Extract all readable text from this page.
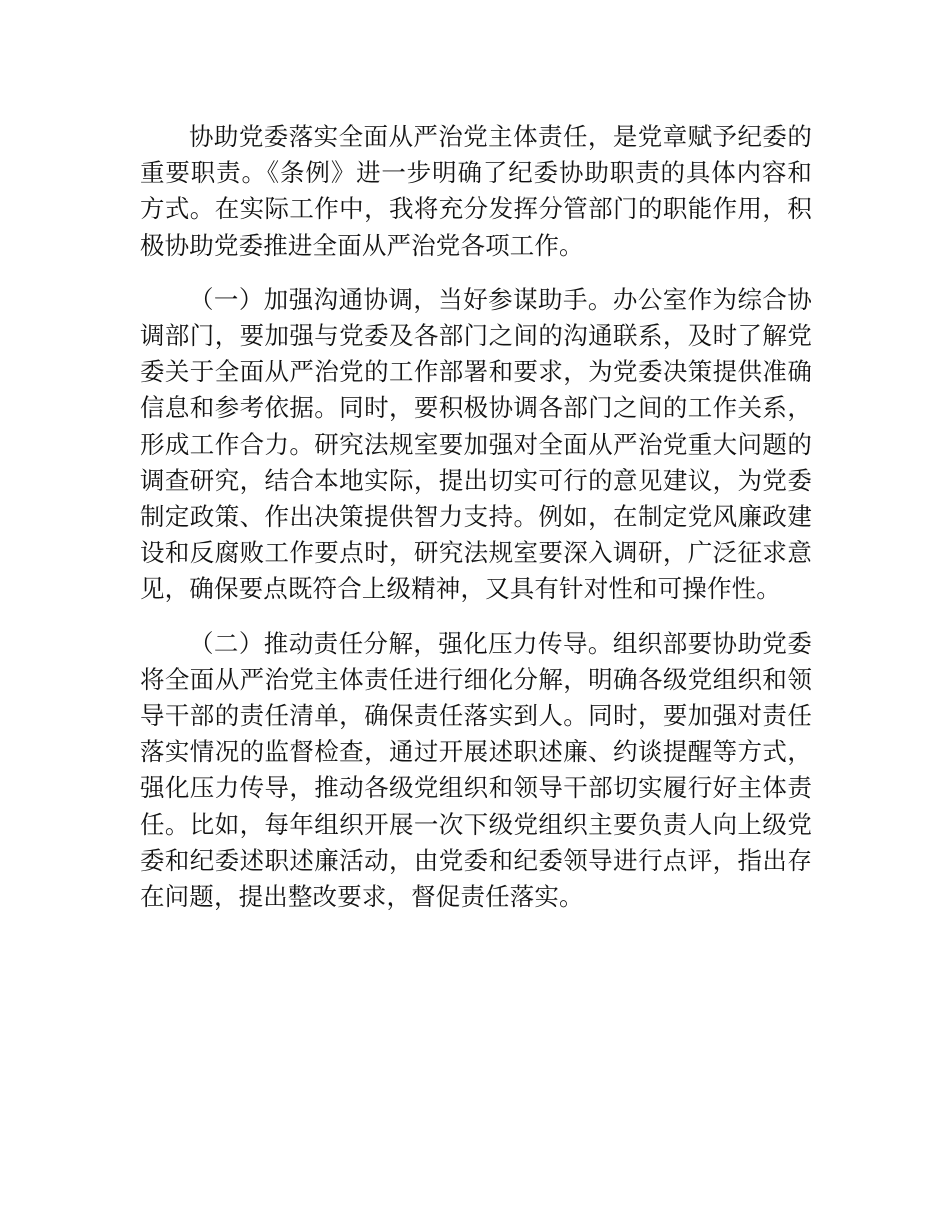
协助党委落实全面从严治党主体责任，是党章赋予纪委的重要职责。《条例》进一步明确了纪委协助职责的具体内容和方式。在实际工作中，我将充分发挥分管部门的职能作用，积极协助党委推进全面从严治党各项工作。

（一）加强沟通协调，当好参谋助手。办公室作为综合协调部门，要加强与党委及各部门之间的沟通联系，及时了解党委关于全面从严治党的工作部署和要求，为党委决策提供准确信息和参考依据。同时，要积极协调各部门之间的工作关系，形成工作合力。研究法规室要加强对全面从严治党重大问题的调查研究，结合本地实际，提出切实可行的意见建议，为党委制定政策、作出决策提供智力支持。例如，在制定党风廉政建设和反腐败工作要点时，研究法规室要深入调研，广泛征求意见，确保要点既符合上级精神，又具有针对性和可操作性。

（二）推动责任分解，强化压力传导。组织部要协助党委将全面从严治党主体责任进行细化分解，明确各级党组织和领导干部的责任清单，确保责任落实到人。同时，要加强对责任落实情况的监督检查，通过开展述职述廉、约谈提醒等方式，强化压力传导，推动各级党组织和领导干部切实履行好主体责任。比如，每年组织开展一次下级党组织主要负责人向上级党委和纪委述职述廉活动，由党委和纪委领导进行点评，指出存在问题，提出整改要求，督促责任落实。
